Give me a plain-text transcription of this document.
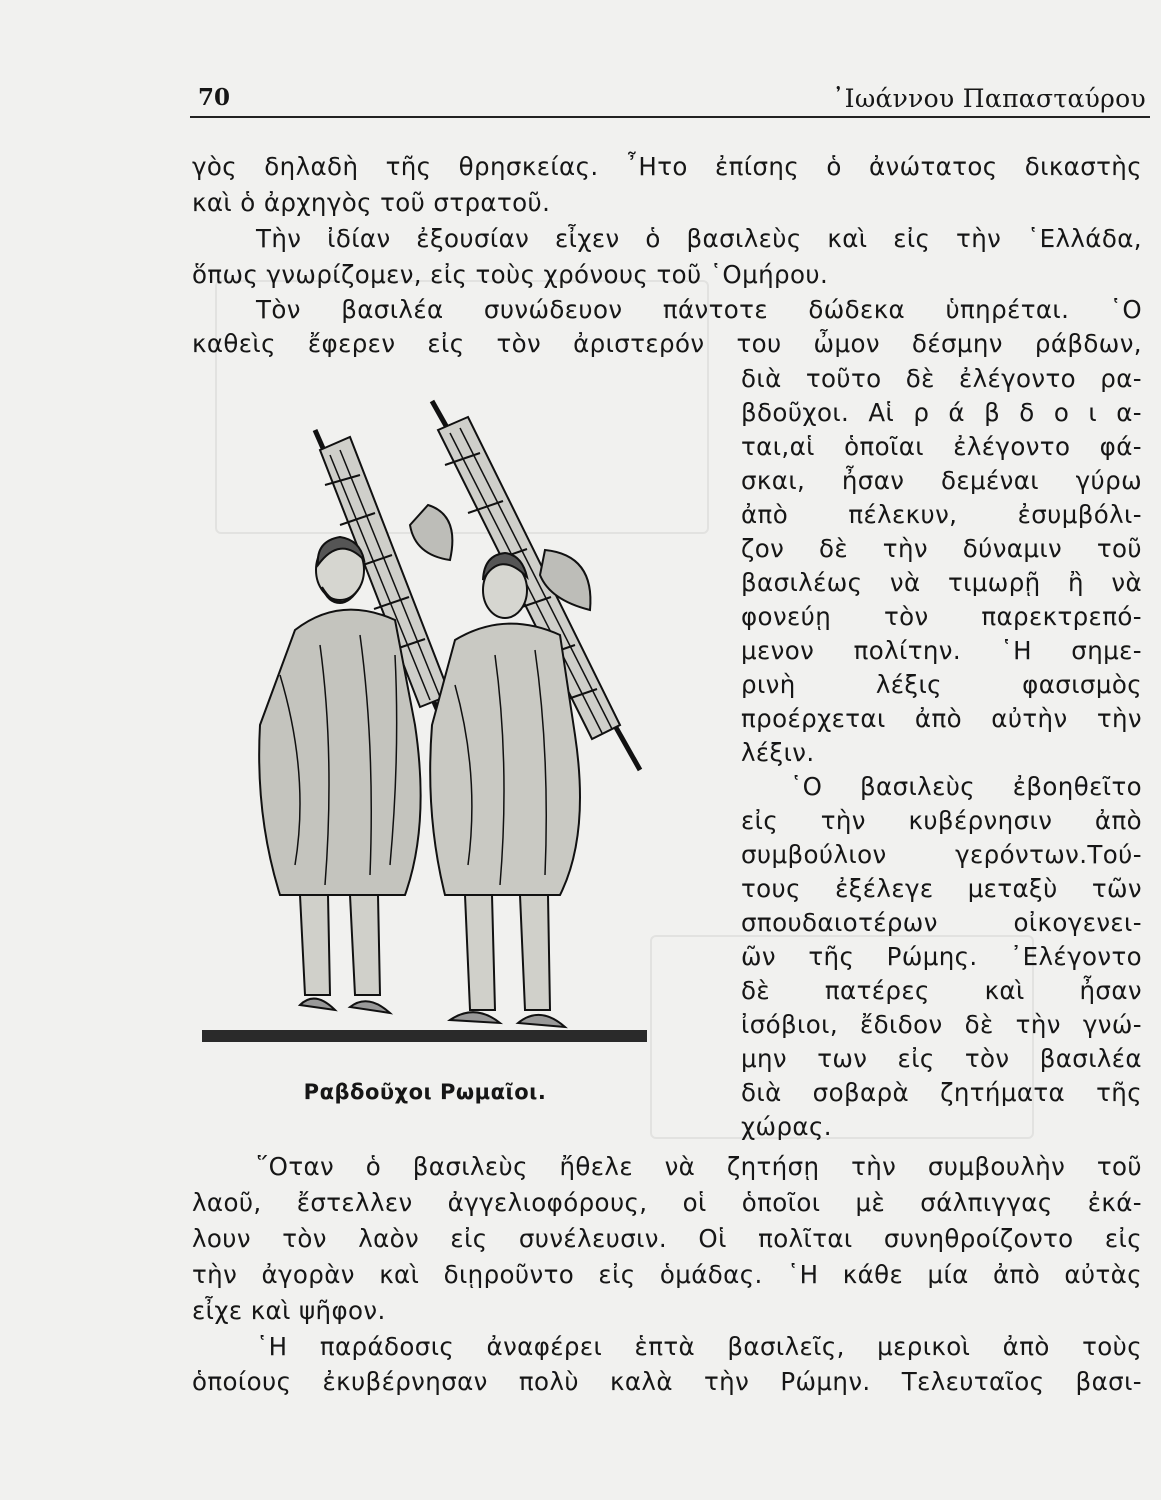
70	᾿Ιωάννου Παπασταύρου
γὸς δηλαδὴ τῆς θρησκείας. ῏Ητο ἐπίσης ὁ ἀνώτατος δικαστὴς
καὶ ὁ ἀρχηγὸς τοῦ στρατοῦ.
Τὴν ἰδίαν ἐξουσίαν εἶχεν ὁ βασιλεὺς καὶ εἰς τὴν ῾Ελλάδα,
ὅπως γνωρίζομεν, εἰς τοὺς χρόνους τοῦ ῾Ομήρου.
Τὸν βασιλέα συνώδευον πάντοτε δώδεκα ὑπηρέται. ῾Ο
καθεὶς ἔφερεν εἰς τὸν ἀριστερόν του ὦμον δέσμην ράβδων,
διὰ τοῦτο δὲ ἐλέγοντο ρα-
βδοῦχοι. Αἱ ρ ά β δ ο ι α-
ται,αἱ ὁποῖαι ἐλέγοντο φά-
σκαι, ἦσαν δεμέναι γύρω
ἀπὸ πέλεκυν, ἐσυμβόλι-
ζον δὲ τὴν δύναμιν τοῦ
βασιλέως νὰ τιμωρῇ ἢ νὰ
φονεύῃ τὸν παρεκτρεπό-
μενον πολίτην. ῾Η σημε-
ρινὴ λέξις φασισμὸς
προέρχεται ἀπὸ αὐτὴν τὴν
λέξιν.
῾Ο βασιλεὺς ἐβοηθεῖτο
εἰς τὴν κυβέρνησιν ἀπὸ
συμβούλιον γερόντων.Τού-
τους ἐξέλεγε μεταξὺ τῶν
σπουδαιοτέρων οἰκογενει-
ῶν τῆς Ρώμης. ᾿Ελέγοντο
δὲ πατέρες καὶ ἦσαν
ἰσόβιοι, ἔδιδον δὲ τὴν γνώ-
μην των εἰς τὸν βασιλέα
διὰ σοβαρὰ ζητήματα τῆς
χώρας.
Ραβδοῦχοι Ρωμαῖοι.
῞Οταν ὁ βασιλεὺς ἤθελε νὰ ζητήσῃ τὴν συμβουλὴν τοῦ
λαοῦ, ἔστελλεν ἀγγελιοφόρους, οἱ ὁποῖοι μὲ σάλπιγγας ἐκά-
λουν τὸν λαὸν εἰς συνέλευσιν. Οἱ πολῖται συνηθροίζοντο εἰς
τὴν ἀγορὰν καὶ διῃροῦντο εἰς ὁμάδας. ῾Η κάθε μία ἀπὸ αὐτὰς
εἶχε καὶ ψῆφον.
῾Η παράδοσις ἀναφέρει ἑπτὰ βασιλεῖς, μερικοὶ ἀπὸ τοὺς
ὁποίους ἐκυβέρνησαν πολὺ καλὰ τὴν Ρώμην. Τελευταῖος βασι-
